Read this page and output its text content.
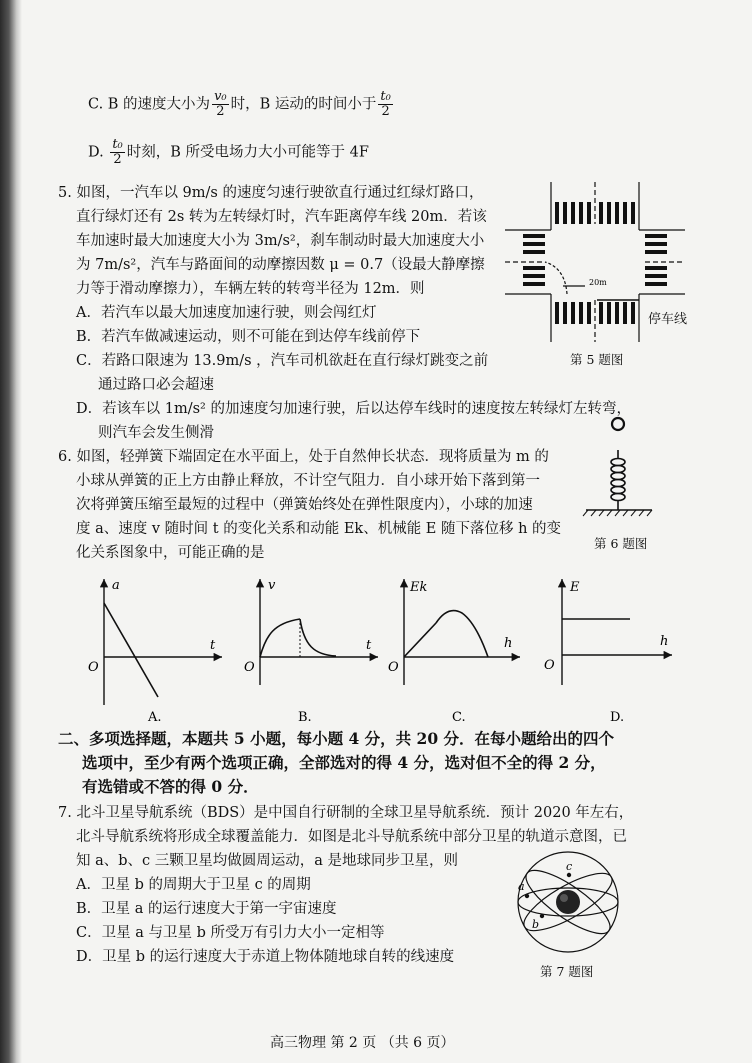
C. B 的速度大小为 $\frac{\text{v₀}}{2}$ 时，B 运动的时间小于 $\frac{\text{t₀}}{2}$
D. $\frac{\text{t₀}}{2}$ 时刻，B 所受电场力大小可能等于 4F
5. 如图，一汽车以 9m/s 的速度匀速行驶欲直行通过红绿灯路口，
直行绿灯还有 2s 转为左转绿灯时，汽车距离停车线 20m．若该
车加速时最大加速度大小为 3m/s²，刹车制动时最大加速度大小
为 7m/s²，汽车与路面间的动摩擦因数 μ = 0.7（设最大静摩擦
力等于滑动摩擦力），车辆左转的转弯半径为 12m．则
A．若汽车以最大加速度加速行驶，则会闯红灯
B．若汽车做减速运动，则不可能在到达停车线前停下
C．若路口限速为 13.9m/s ，汽车司机欲赶在直行绿灯跳变之前
通过路口必会超速
D．若该车以 1m/s² 的加速度匀加速行驶，后以达停车线时的速度按左转绿灯左转弯，
则汽车会发生侧滑
20m
停车线
第 5 题图
6. 如图，轻弹簧下端固定在水平面上，处于自然伸长状态．现将质量为 m 的
小球从弹簧的正上方由静止释放，不计空气阻力．自小球开始下落到第一
次将弹簧压缩至最短的过程中（弹簧始终处在弹性限度内），小球的加速
度 a、速度 v 随时间 t 的变化关系和动能 Ek、机械能 E 随下落位移 h 的变
化关系图象中，可能正确的是
第 6 题图
a
t
O
A.
v
t
O
B.
Ek
h
O
C.
E
h
O
D.
二、多项选择题，本题共 5 小题，每小题 4 分，共 20 分．在每小题给出的四个
选项中，至少有两个选项正确，全部选对的得 4 分，选对但不全的得 2 分，
有选错或不答的得 0 分．
7. 北斗卫星导航系统（BDS）是中国自行研制的全球卫星导航系统．预计 2020 年左右，
北斗导航系统将形成全球覆盖能力．如图是北斗导航系统中部分卫星的轨道示意图，已
知 a、b、c 三颗卫星均做圆周运动，a 是地球同步卫星，则
A．卫星 b 的周期大于卫星 c 的周期
B．卫星 a 的运行速度大于第一宇宙速度
C．卫星 a 与卫星 b 所受万有引力大小一定相等
D．卫星 b 的运行速度大于赤道上物体随地球自转的线速度
a
b
c
第 7 题图
高三物理 第 2 页 （共 6 页）
